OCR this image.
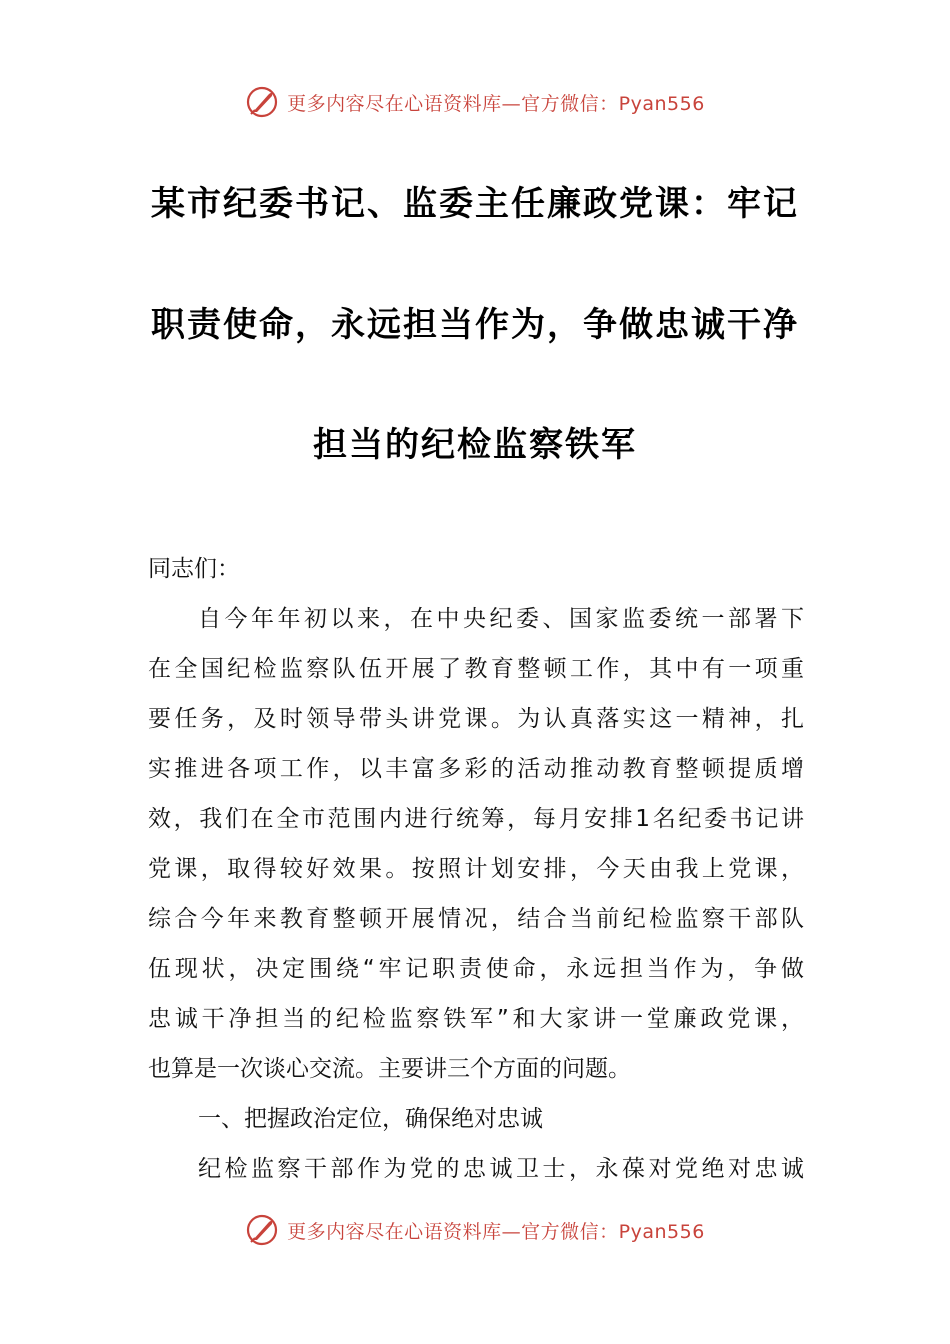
更多内容尽在心语资料库—官方微信：Pyan556
某市纪委书记、监委主任廉政党课：牢记
职责使命，永远担当作为，争做忠诚干净
担当的纪检监察铁军
同志们：
自今年年初以来，在中央纪委、国家监委统一部署下
在全国纪检监察队伍开展了教育整顿工作，其中有一项重
要任务，及时领导带头讲党课。为认真落实这一精神，扎
实推进各项工作，以丰富多彩的活动推动教育整顿提质增
效，我们在全市范围内进行统筹，每月安排1名纪委书记讲
党课，取得较好效果。按照计划安排，今天由我上党课，
综合今年来教育整顿开展情况，结合当前纪检监察干部队
伍现状，决定围绕“牢记职责使命，永远担当作为，争做
忠诚干净担当的纪检监察铁军”和大家讲一堂廉政党课，
也算是一次谈心交流。主要讲三个方面的问题。
一、把握政治定位，确保绝对忠诚
纪检监察干部作为党的忠诚卫士，永葆对党绝对忠诚
更多内容尽在心语资料库—官方微信：Pyan556
